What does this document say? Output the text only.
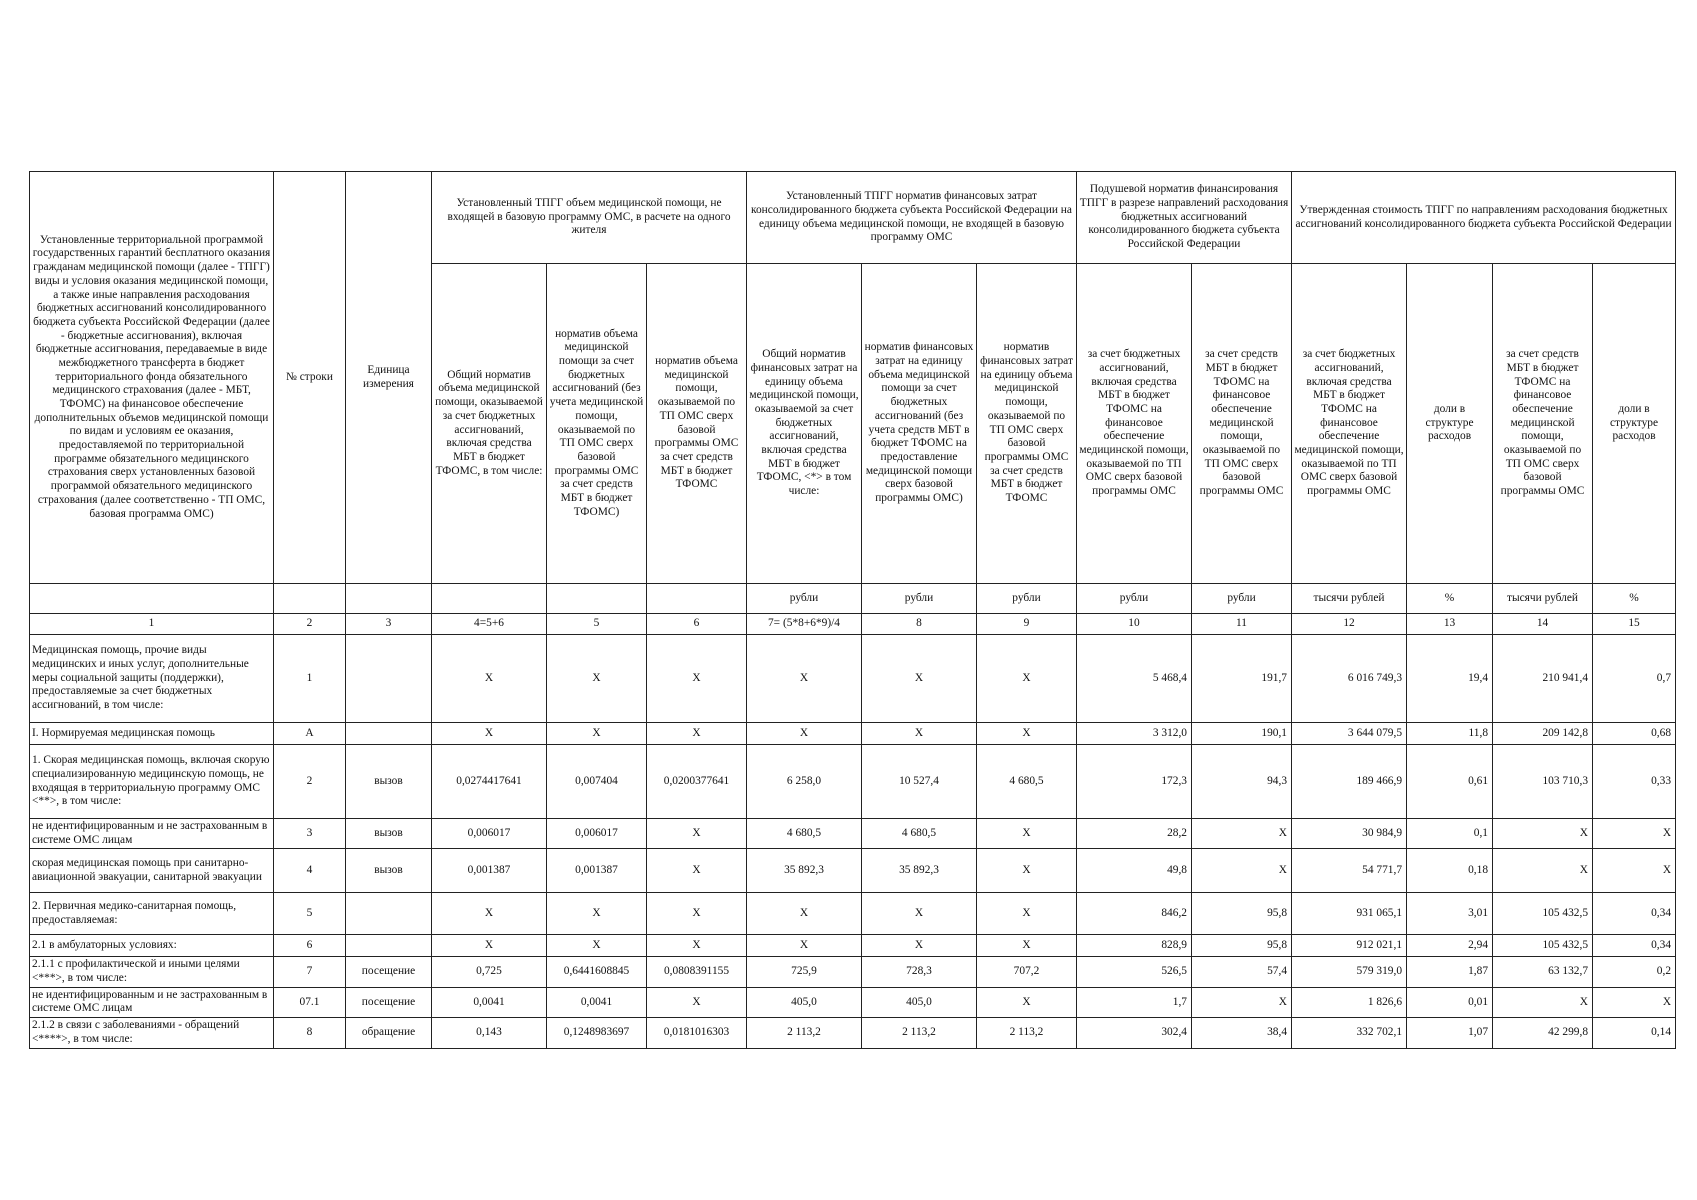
Установленные территориальной программой государственных гарантий бесплатного оказания гражданам медицинской помощи (далее - ТПГГ) виды и условия оказания медицинской помощи, а также иные направления расходования бюджетных ассигнований консолидированного бюджета субъекта Российской Федерации (далее - бюджетные ассигнования), включая бюджетные ассигнования, передаваемые в виде межбюджетного трансферта в бюджет территориального фонда обязательного медицинского страхования (далее - МБТ, ТФОМС) на финансовое обеспечение дополнительных объемов медицинской помощи по видам и условиям ее оказания, предоставляемой по территориальной программе обязательного медицинского страхования сверх установленных базовой программой обязательного медицинского страхования (далее соответственно - ТП ОМС, базовая программа ОМС)	№ строки	Единица измерения	Установленный ТПГГ объем медицинской помощи, не входящей в базовую программу ОМС, в расчете на одного жителя			Установленный ТПГГ норматив финансовых затрат консолидированного бюджета субъекта Российской Федерации на единицу объема медицинской помощи, не входящей в базовую программу ОМС			Подушевой норматив финансирования ТПГГ в разрезе направлений расходования бюджетных ассигнований консолидированного бюджета субъекта Российской Федерации		Утвержденная стоимость ТПГГ по направлениям расходования бюджетных ассигнований консолидированного бюджета субъекта Российской Федерации			
			Общий норматив объема медицинской помощи, оказываемой за счет бюджетных ассигнований, включая средства МБТ в бюджет ТФОМС, в том числе:	норматив объема медицинской помощи за счет бюджетных ассигнований (без учета медицинской помощи, оказываемой по ТП ОМС сверх базовой программы ОМС за счет средств МБТ в бюджет ТФОМС)	норматив объема медицинской помощи, оказываемой по ТП ОМС сверх базовой программы ОМС за счет средств МБТ в бюджет ТФОМС	Общий норматив финансовых затрат на единицу объема медицинской помощи, оказываемой за счет бюджетных ассигнований, включая средства МБТ в бюджет ТФОМС, <*> в том числе:	норматив финансовых затрат на единицу объема медицинской помощи за счет бюджетных ассигнований (без учета средств МБТ в бюджет ТФОМС на предоставление медицинской помощи сверх базовой программы ОМС)	норматив финансовых затрат на единицу объема медицинской помощи, оказываемой по ТП ОМС сверх базовой программы ОМС за счет средств МБТ в бюджет ТФОМС	за счет бюджетных ассигнований, включая средства МБТ в бюджет ТФОМС на финансовое обеспечение медицинской помощи, оказываемой по ТП ОМС сверх базовой программы ОМС	за счет средств МБТ в бюджет ТФОМС на финансовое обеспечение медицинской помощи, оказываемой по ТП ОМС сверх базовой программы ОМС	за счет бюджетных ассигнований, включая средства МБТ в бюджет ТФОМС на финансовое обеспечение медицинской помощи, оказываемой по ТП ОМС сверх базовой программы ОМС	доли в структуре расходов	за счет средств МБТ в бюджет ТФОМС на финансовое обеспечение медицинской помощи, оказываемой по ТП ОМС сверх базовой программы ОМС	доли в структуре расходов
						рубли	рубли	рубли	рубли	рубли	тысячи рублей	%	тысячи рублей	%
1	2	3	4=5+6	5	6	7= (5*8+6*9)/4	8	9	10	11	12	13	14	15
Медицинская помощь, прочие виды медицинских и иных услуг, дополнительные меры социальной защиты (поддержки), предоставляемые за счет бюджетных ассигнований, в том числе:	1		Х	Х	Х	Х	Х	Х	5 468,4	191,7	6 016 749,3	19,4	210 941,4	0,7
I. Нормируемая медицинская помощь	А		Х	Х	Х	Х	Х	Х	3 312,0	190,1	3 644 079,5	11,8	209 142,8	0,68
1. Скорая медицинская помощь, включая скорую специализированную медицинскую помощь, не входящая в территориальную программу ОМС <**>, в том числе:	2	вызов	0,0274417641	0,007404	0,0200377641	6 258,0	10 527,4	4 680,5	172,3	94,3	189 466,9	0,61	103 710,3	0,33
не идентифицированным и не застрахованным в системе ОМС лицам	3	вызов	0,006017	0,006017	Х	4 680,5	4 680,5	Х	28,2	Х	30 984,9	0,1	Х	Х
скорая медицинская помощь при санитарно-авиационной эвакуации, санитарной эвакуации	4	вызов	0,001387	0,001387	Х	35 892,3	35 892,3	Х	49,8	Х	54 771,7	0,18	Х	Х
2. Первичная медико-санитарная помощь, предоставляемая:	5		Х	Х	Х	Х	Х	Х	846,2	95,8	931 065,1	3,01	105 432,5	0,34
2.1 в амбулаторных условиях:	6		Х	Х	Х	Х	Х	Х	828,9	95,8	912 021,1	2,94	105 432,5	0,34
2.1.1 с профилактической и иными целями <***>, в том числе:	7	посещение	0,725	0,6441608845	0,0808391155	725,9	728,3	707,2	526,5	57,4	579 319,0	1,87	63 132,7	0,2
не идентифицированным и не застрахованным в системе ОМС лицам	07.1	посещение	0,0041	0,0041	Х	405,0	405,0	Х	1,7	Х	1 826,6	0,01	Х	Х
2.1.2 в связи с заболеваниями - обращений <****>, в том числе:	8	обращение	0,143	0,1248983697	0,0181016303	2 113,2	2 113,2	2 113,2	302,4	38,4	332 702,1	1,07	42 299,8	0,14
